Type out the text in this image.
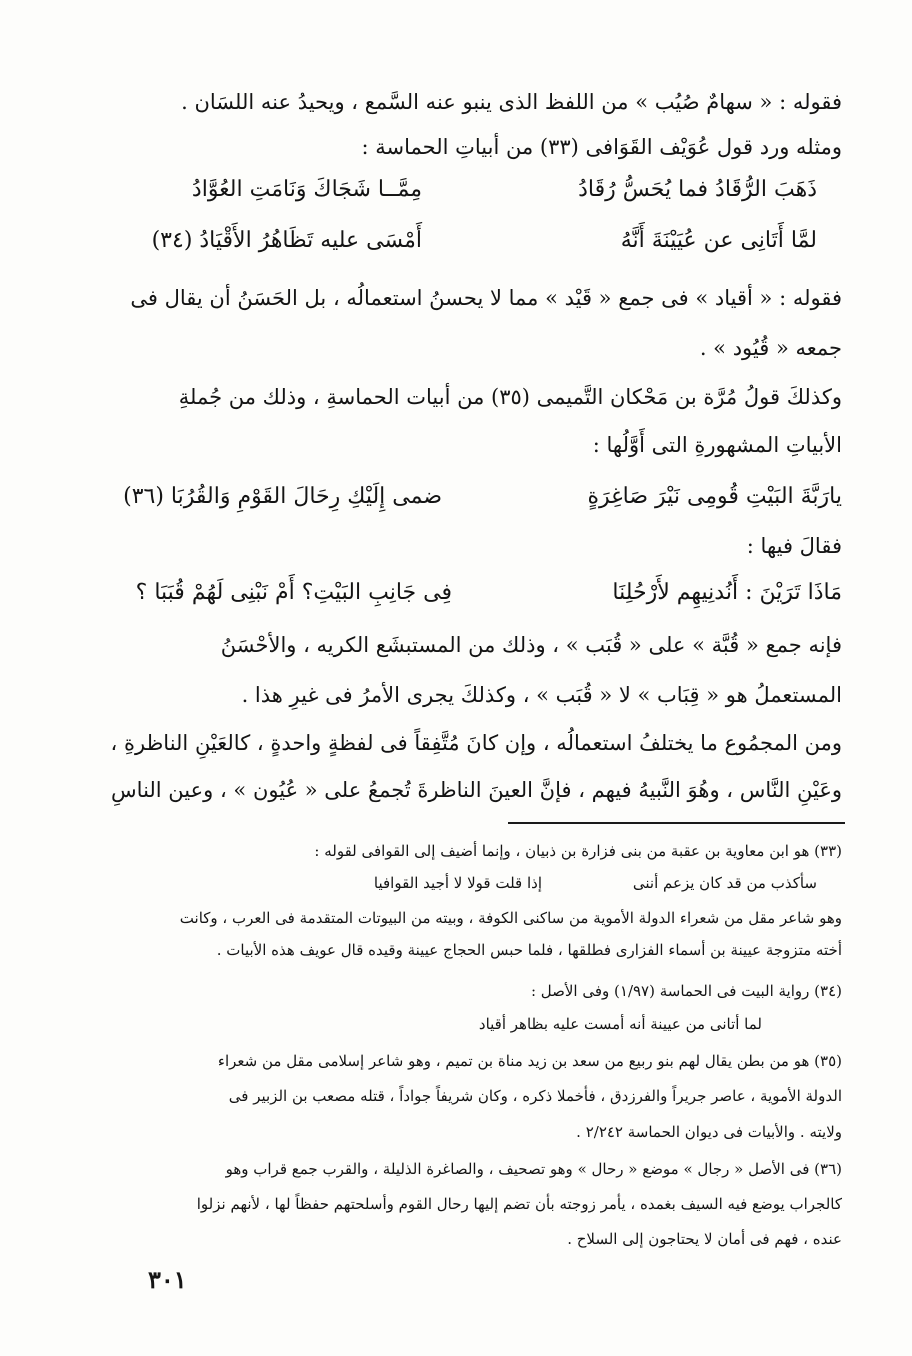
فقوله : « سهامٌ صُيُب » من اللفظ الذى ينبو عنه السَّمع ، ويحيدُ عنه اللسَان .
ومثله ورد قول عُوَيْف القَوَافى (٣٣) من أبياتِ الحماسة :
ذَهَبَ الرُّقَادُ فما يُحَسُّ رُقَادُ
مِمَّــا شَجَاكَ وَنَامَتِ العُوَّادُ
لمَّا أَتَانِى عن عُيَيْنَةَ أَنَّهُ
أَمْسَى عليه تَظَاهُرُ الأَقْيَادُ (٣٤)
فقوله : « أقياد » فى جمع « قَيْد » مما لا يحسنُ استعمالُه ، بل الحَسَنُ أن يقال فى
جمعه « قُيُود » .
وكذلكَ قولُ مُرَّة بن مَحْكان التَّميمى (٣٥) من أبيات الحماسةِ ، وذلك من جُملةِ
الأبياتِ المشهورةِ التى أَوَّلُها :
يارَبَّةَ البَيْتِ قُومِى نَيْرَ صَاغِرَةٍ
ضمى إِلَيْكِ رِحَالَ القَوْمِ وَالقُرُبَا (٣٦)
فقالَ فيها :
مَاذَا تَرَيْنَ : أَنُدنِيهِم لأَرْحُلِنَا
فِى جَانِبِ البَيْتِ؟ أَمْ نَبْنِى لَهُمْ قُبَبَا ؟
فإنه جمع « قُبَّة » على « قُبَب » ، وذلك من المستبشَع الكريه ، والأحْسَنُ
المستعملُ هو « قِبَاب » لا « قُبَب » ، وكذلكَ يجرى الأمرُ فى غيرِ هذا .
ومن المجمُوع ما يختلفُ استعمالُه ، وإن كانَ مُتَّفِقاً فى لفظةٍ واحدةٍ ، كالعَيْنِ الناظرةِ ،
وعَيْنِ النَّاس ، وهُوَ النَّبيهُ فيهم ، فإنَّ العينَ الناظرةَ تُجمعُ على « عُيُون » ، وعين الناسِ
(٣٣) هو ابن معاوية بن عقبة من بنى فزارة بن ذبيان ، وإنما أضيف إلى القوافى لقوله :
سأكذب من قد كان يزعم أننى
إذا قلت قولا لا أجيد القوافيا
وهو شاعر مقل من شعراء الدولة الأموية من ساكنى الكوفة ، وبيته من البيوتات المتقدمة فى العرب ، وكانت
أخته متزوجة عيينة بن أسماء الفزارى فطلقها ، فلما حبس الحجاج عيينة وقيده قال عويف هذه الأبيات .
(٣٤) رواية البيت فى الحماسة (١/٩٧) وفى الأصل :
لما أتانى من عيينة أنه أمست عليه بظاهر أقياد
(٣٥) هو من بطن يقال لهم بنو ربيع من سعد بن زيد مناة بن تميم ، وهو شاعر إسلامى مقل من شعراء
الدولة الأموية ، عاصر جريراً والفرزدق ، فأخملا ذكره ، وكان شريفاً جواداً ، قتله مصعب بن الزبير فى
ولايته . والأبيات فى ديوان الحماسة ٢/٢٤٢ .
(٣٦) فى الأصل « رجال » موضع « رحال » وهو تصحيف ، والصاغرة الذليلة ، والقرب جمع قراب وهو
كالجراب يوضع فيه السيف بغمده ، يأمر زوجته بأن تضم إليها رحال القوم وأسلحتهم حفظاً لها ، لأنهم نزلوا
عنده ، فهم فى أمان لا يحتاجون إلى السلاح .
٣٠١
